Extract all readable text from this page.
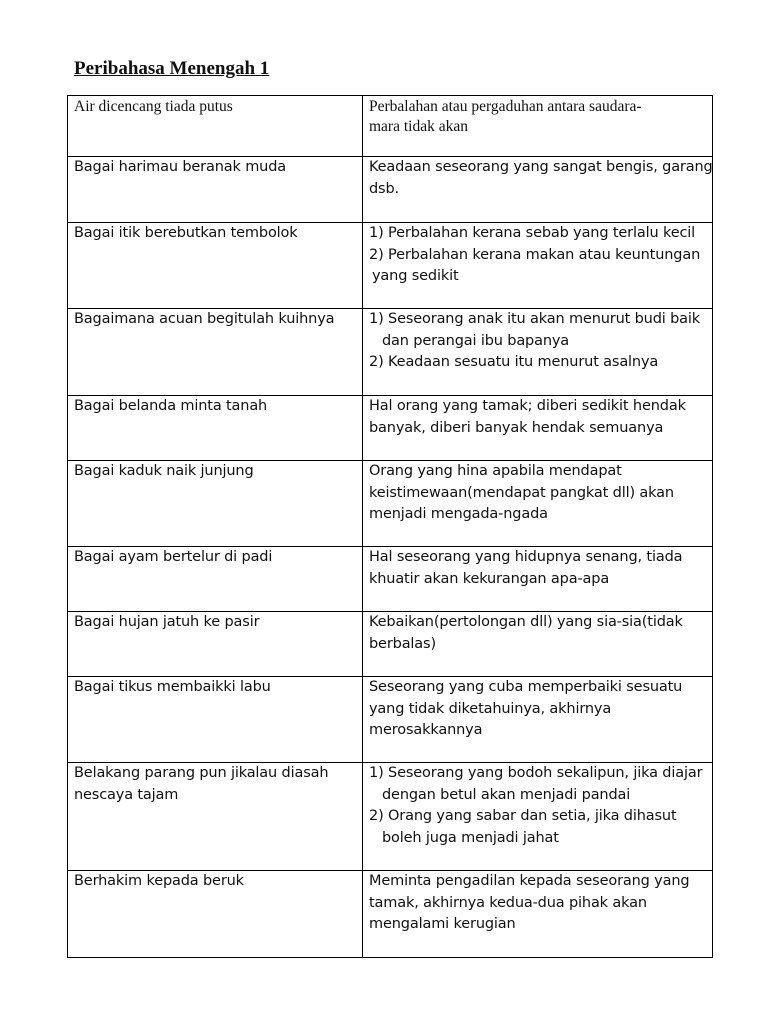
Peribahasa Menengah 1
Air dicencang tiada putus	Perbalahan atau pergaduhan antara saudara-
mara tidak akan

Bagai harimau beranak muda	Keadaan seseorang yang sangat bengis, garang
dsb.

Bagai itik berebutkan tembolok	1) Perbalahan kerana sebab yang terlalu kecil
2) Perbalahan kerana makan atau keuntungan
yang sedikit

Bagaimana acuan begitulah kuihnya	1) Seseorang anak itu akan menurut budi baik
dan perangai ibu bapanya
2) Keadaan sesuatu itu menurut asalnya

Bagai belanda minta tanah	Hal orang yang tamak; diberi sedikit hendak
banyak, diberi banyak hendak semuanya

Bagai kaduk naik junjung	Orang yang hina apabila mendapat
keistimewaan(mendapat pangkat dll) akan
menjadi mengada-ngada

Bagai ayam bertelur di padi	Hal seseorang yang hidupnya senang, tiada
khuatir akan kekurangan apa-apa

Bagai hujan jatuh ke pasir	Kebaikan(pertolongan dll) yang sia-sia(tidak
berbalas)

Bagai tikus membaikki labu	Seseorang yang cuba memperbaiki sesuatu
yang tidak diketahuinya, akhirnya
merosakkannya

Belakang parang pun jikalau diasah
nescaya tajam	1) Seseorang yang bodoh sekalipun, jika diajar
dengan betul akan menjadi pandai
2) Orang yang sabar dan setia, jika dihasut
boleh juga menjadi jahat

Berhakim kepada beruk	Meminta pengadilan kepada seseorang yang
tamak, akhirnya kedua-dua pihak akan
mengalami kerugian
